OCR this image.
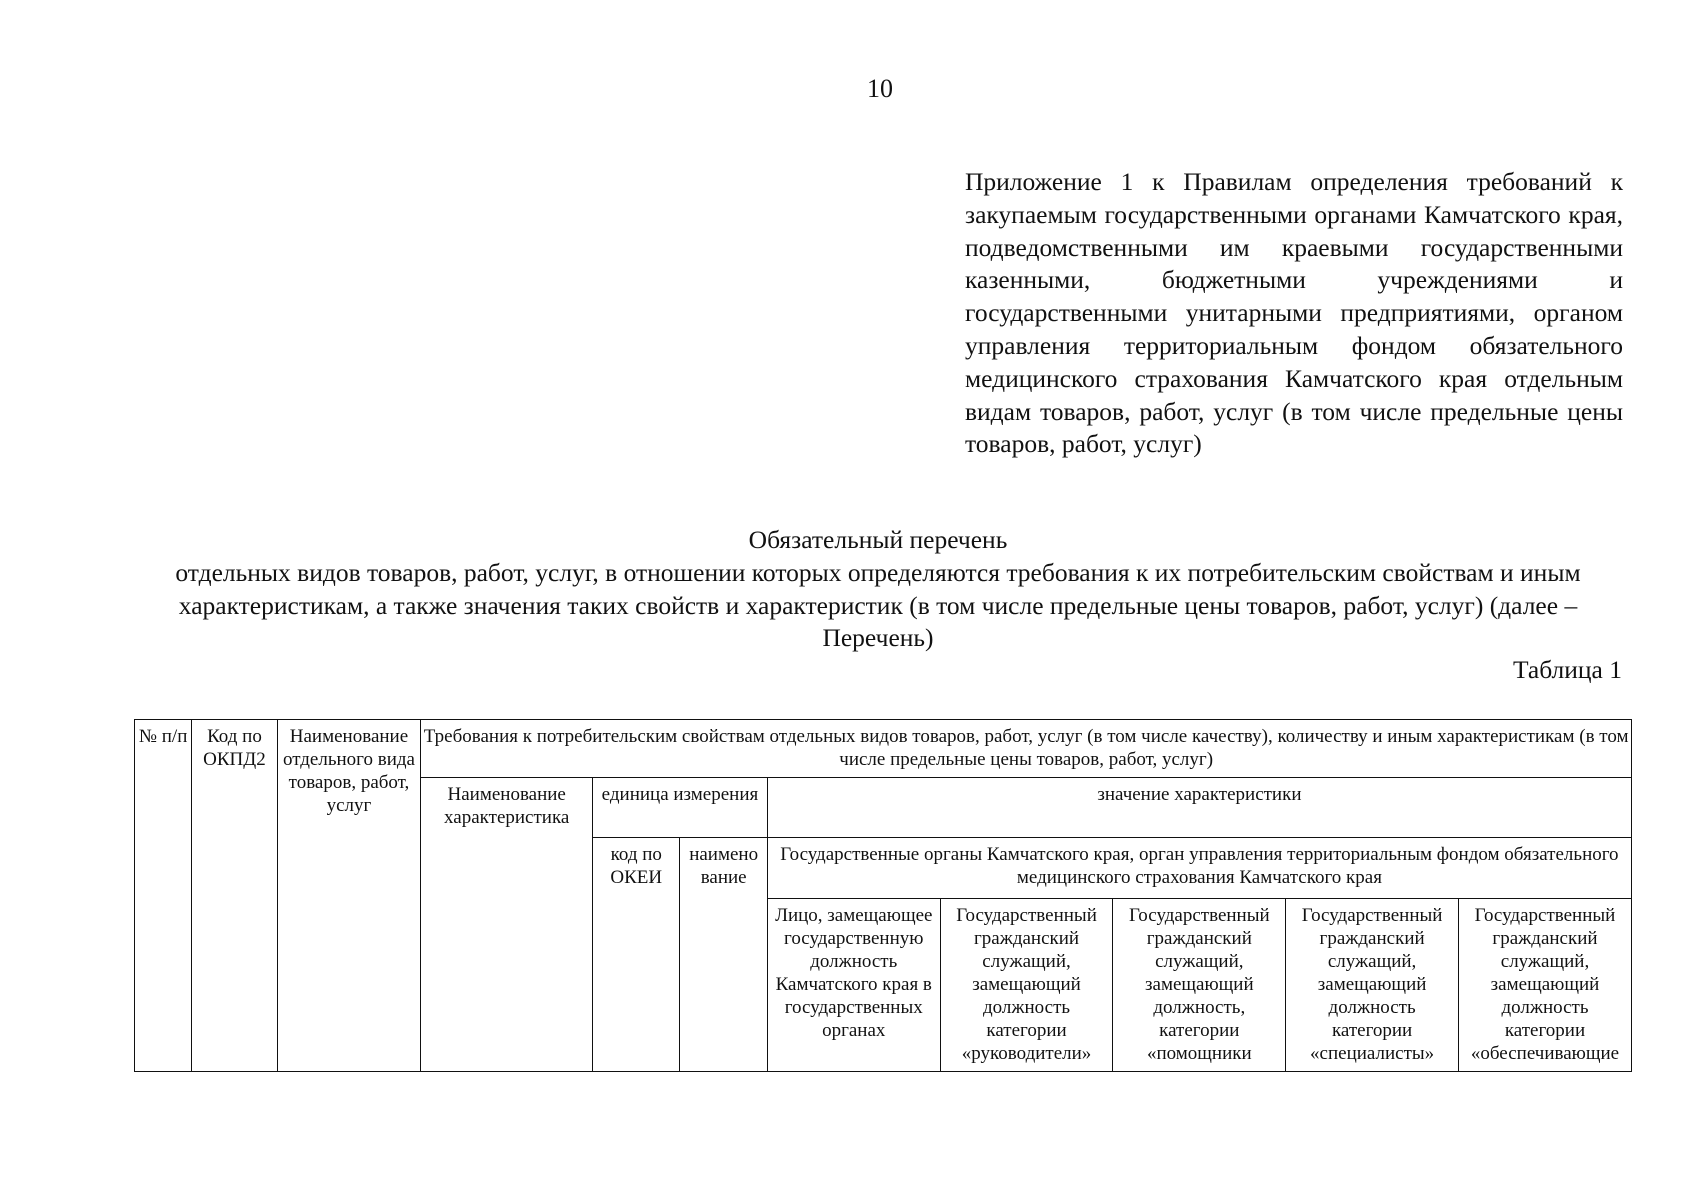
10
Приложение 1 к Правилам определения требований к закупаемым государственными органами Камчатского края, подведомственными им краевыми государственными казенными, бюджетными учреждениями и государственными унитарными предприятиями, органом управления территориальным фондом обязательного медицинского страхования Камчатского края отдельным видам товаров, работ, услуг (в том числе предельные цены товаров, работ, услуг)
Обязательный перечень
отдельных видов товаров, работ, услуг, в отношении которых определяются требования к их потребительским свойствам и иным характеристикам, а также значения таких свойств и характеристик (в том числе предельные цены товаров, работ, услуг) (далее – Перечень)
Таблица 1
№ п/п	Код по ОКПД2	Наименование отдельного вида товаров, работ, услуг	Требования к потребительским свойствам отдельных видов товаров, работ, услуг (в том числе качеству), количеству и иным характеристикам (в том числе предельные цены товаров, работ, услуг)							
			Наименование характеристика	единица измерения		значение характеристики				
				код по ОКЕИ	наимено вание	Государственные органы Камчатского края, орган управления территориальным фондом обязательного медицинского страхования Камчатского края				
						Лицо, замещающее государственную должность Камчатского края в государственных органах	Государственный гражданский служащий, замещающий должность категории «руководители»	Государственный гражданский служащий, замещающий должность, категории «помощники	Государственный гражданский служащий, замещающий должность категории «специалисты»	Государственный гражданский служащий, замещающий должность категории «обеспечивающие
